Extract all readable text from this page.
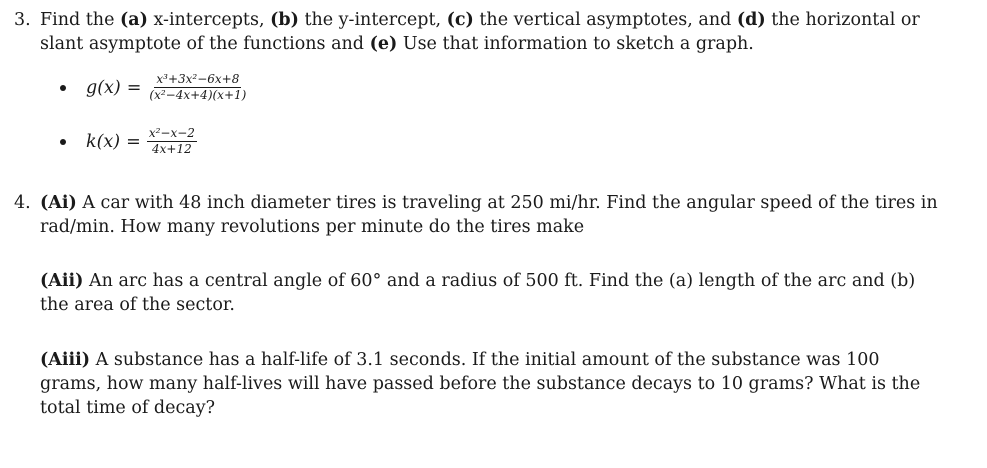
3. Find the (a) x-intercepts, (b) the y-intercept, (c) the vertical asymptotes, and (d) the horizontal or slant asymptote of the functions and (e) Use that information to sketch a graph.
$g(x) = \frac{\text{x³+3x²−6x+8}}{\text{(x²−4x+4)(x+1)}}$
$k(x) = \frac{\text{x²−x−2}}{4x+12}$
4. (Ai) A car with 48 inch diameter tires is traveling at 250 mi/hr. Find the angular speed of the tires in rad/min. How many revolutions per minute do the tires make
(Aii) An arc has a central angle of 60° and a radius of 500 ft. Find the (a) length of the arc and (b) the area of the sector.
(Aiii) A substance has a half-life of 3.1 seconds. If the initial amount of the substance was 100 grams, how many half-lives will have passed before the substance decays to 10 grams? What is the total time of decay?
